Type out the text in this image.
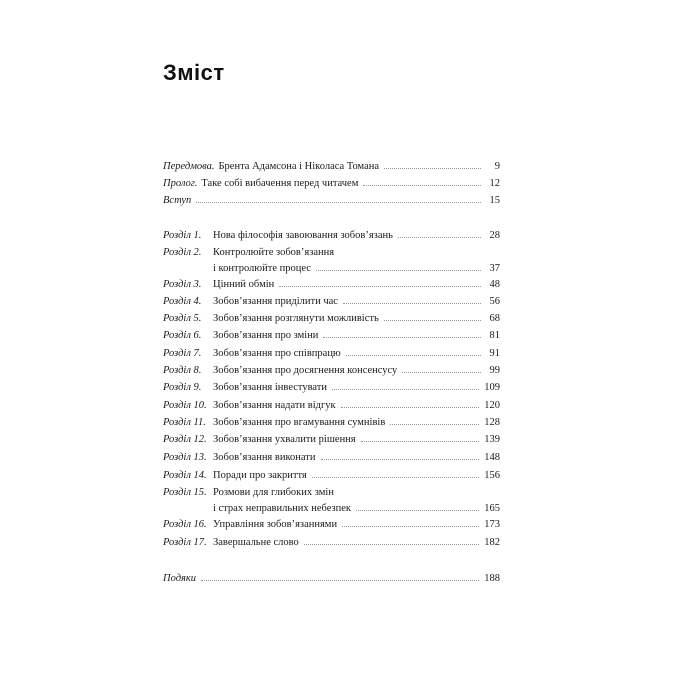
Зміст
Передмова. Брента Адамсона і Ніколаса Томана	9
Пролог. Таке собі вибачення перед читачем	12
Вступ	15
Розділ 1.	Нова філософія завоювання зобов’язань	28
Розділ 2.	Контролюйте зобов’язання
і контролюйте процес	37
Розділ 3.	Цінний обмін	48
Розділ 4.	Зобов’язання приділити час	56
Розділ 5.	Зобов’язання розглянути можливість	68
Розділ 6.	Зобов’язання про зміни	81
Розділ 7.	Зобов’язання про співпрацю	91
Розділ 8.	Зобов’язання про досягнення консенсусу	99
Розділ 9.	Зобов’язання інвестувати	109
Розділ 10. Зобов’язання надати відгук	120
Розділ 11. Зобов’язання про вгамування сумнівів	128
Розділ 12. Зобов’язання ухвалити рішення	139
Розділ 13. Зобов’язання виконати	148
Розділ 14. Поради про закриття	156
Розділ 15. Розмови для глибоких змін
і страх неправильних небезпек	165
Розділ 16. Управління зобов’язаннями	173
Розділ 17. Завершальне слово	182
Подяки	188
